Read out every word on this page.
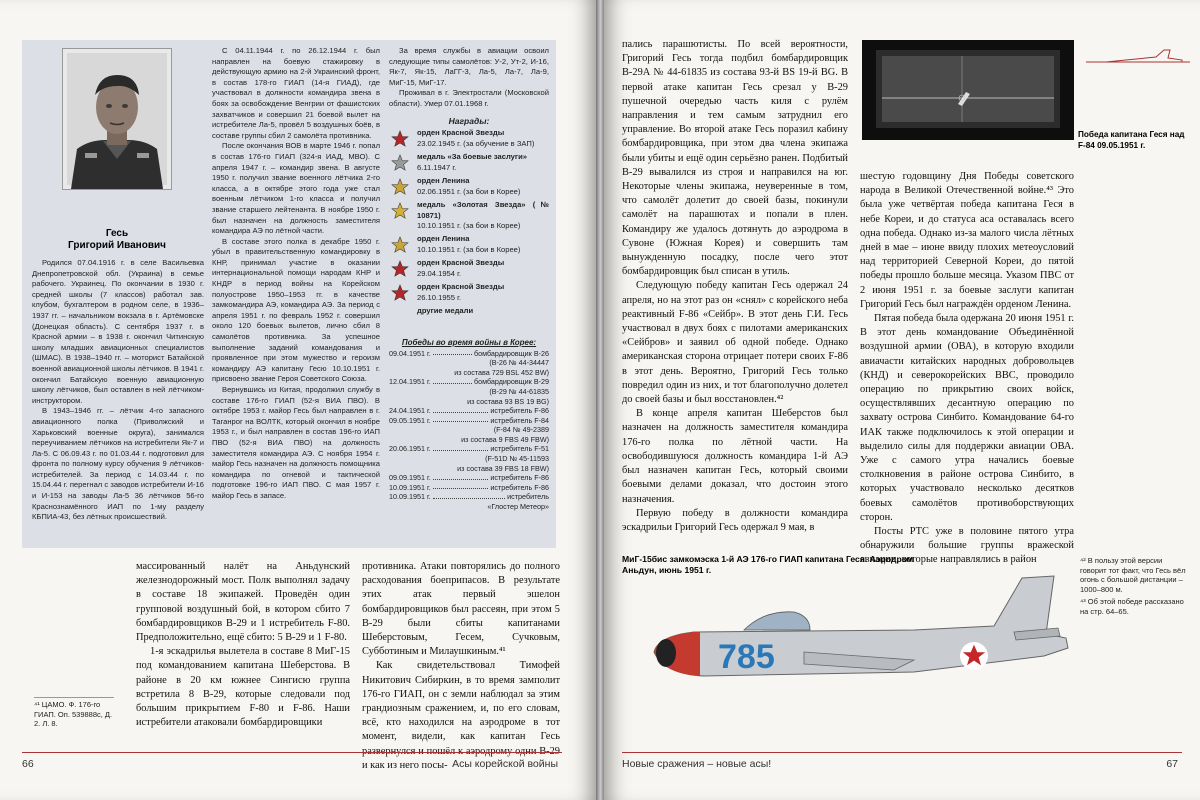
Гесь
Григорий Иванович

Родился 07.04.1916 г. в селе Васильевка Днепропетровской обл. (Украина) в семье рабочего. Украинец. По окончании в 1930 г. средней школы (7 классов) работал зав. клубом, бухгалтером в родном селе, в 1936–1937 гг. – начальником вокзала в г. Артёмовске (Донецкая область). С сентября 1937 г. в Красной армии – в 1938 г. окончил Читинскую школу младших авиационных специалистов (ШМАС). В 1938–1940 гг. – моторист Батайской военной авиационной школы лётчиков. В 1941 г. окончил Батайскую военную авиационную школу лётчиков, был оставлен в ней лётчиком-инструктором.

В 1943–1946 гг. – лётчик 4-го запасного авиационного полка (Приволжский и Харьковский военные округа), занимался переучиванием лётчиков на истребители Як-7 и Ла-5. С 06.09.43 г. по 01.03.44 г. подготовил для фронта по полному курсу обучения 9 лётчиков-истребителей. За период с 14.03.44 г. по 15.04.44 г. перегнал с заводов истребители И-16 и И-153 на заводы Ла-5 36 лётчиков 56-го Краснознамённого ИАП по 1-му разделу КБПИА-43, без лётных происшествий.

С 04.11.1944 г. по 26.12.1944 г. был направлен на боевую стажировку в действующую армию на 2-й Украинский фронт, в состав 178-го ГИАП (14-я ГИАД), где участвовал в должности командира звена в боях за освобождение Венгрии от фашистских захватчиков и совершил 21 боевой вылет на истребителе Ла-5, провёл 5 воздушных боёв, в составе группы сбил 2 самолёта противника.

После окончания ВОВ в марте 1946 г. попал в состав 176-го ГИАП (324-я ИАД, МВО). С апреля 1947 г. – командир звена. В августе 1950 г. получил звание военного лётчика 2-го класса, а в октябре этого года уже стал военным лётчиком 1-го класса и получил звание старшего лейтенанта. В ноябре 1950 г. был назначен на должность заместителя командира АЭ по лётной части.

В составе этого полка в декабре 1950 г. убыл в правительственную командировку в КНР, принимал участие в оказании интернациональной помощи народам КНР и КНДР в период войны на Корейском полуострове 1950–1953 гг. в качестве замкомандира АЭ, командира АЭ. За период с апреля 1951 г. по февраль 1952 г. совершил около 120 боевых вылетов, лично сбил 8 самолётов противника. За успешное выполнение заданий командования и проявленное при этом мужество и героизм командиру АЭ капитану Гесю 10.10.1951 г. присвоено звание Героя Советского Союза.

Вернувшись из Китая, продолжил службу в составе 176-го ГИАП (52-я ВИА ПВО). В октябре 1953 г. майор Гесь был направлен в г. Таганрог на ВОЛТК, который окончил в ноябре 1953 г., и был направлен в состав 196-го ИАП ПВО (52-я ВИА ПВО) на должность заместителя командира АЭ. С ноября 1954 г. майор Гесь назначен на должность помощника командира по огневой и тактической подготовке 196-го ИАП ПВО. С мая 1957 г. майор Гесь в запасе.

За время службы в авиации освоил следующие типы самолётов: У-2, Ут-2, И-16, Як-7, Як-15, ЛаГГ-3, Ла-5, Ла-7, Ла-9, МиГ-15, МиГ-17.

Проживал в г. Электростали (Московской области). Умер 07.01.1968 г.

Награды:
орден Красной Звезды
23.02.1945 г. (за обучение в ЗАП)
медаль «За боевые заслуги»
6.11.1947 г.
орден Ленина
02.06.1951 г. (за бои в Корее)
медаль «Золотая Звезда» (№ 10871)
10.10.1951 г. (за бои в Корее)
орден Ленина
10.10.1951 г. (за бои в Корее)
орден Красной Звезды
29.04.1954 г.
орден Красной Звезды
26.10.1955 г.
другие медали
Победы во время войны в Корее:
09.04.1951 г.	бомбардировщик В-26
(В-26 № 44-34447
из состава 729 BSL 452 BW)
12.04.1951 г.	бомбардировщик В-29
(В-29 № 44-61835
из состава 93 BS 19 BG)
24.04.1951 г.	истребитель F-86
09.05.1951 г.	истребитель F-84
(F-84 № 49-2389
из состава 9 FBS 49 FBW)
20.06.1951 г.	истребитель F-51
(F-51D № 45-11593
из состава 39 FBS 18 FBW)
09.09.1951 г.	истребитель F-86
10.09.1951 г.	истребитель F-86
10.09.1951 г.	истребитель
«Глостер Метеор»

массированный налёт на Аньдунский железнодорожный мост. Полк выполнял задачу в составе 18 экипажей. Проведён один групповой воздушный бой, в котором сбито 7 бомбардировщиков В-29 и 1 истребитель F-80. Предположительно, ещё сбито: 5 В-29 и 1 F-80.

1-я эскадрилья вылетела в составе 8 МиГ-15 под командованием капитана Шеберстова. В районе в 20 км южнее Сингисю группа встретила 8 В-29, которые следовали под большим прикрытием F-80 и F-86. Наши истребители атаковали бомбардировщики

противника. Атаки повторялись до полного расходования боеприпасов. В результате этих атак первый эшелон бомбардировщиков был рассеян, при этом 5 В-29 были сбиты капитанами Шеберстовым, Гесем, Сучковым, Субботиным и Милаушкиным.⁴¹

Как свидетельствовал Тимофей Никитович Сибиркин, в то время замполит 176-го ГИАП, он с земли наблюдал за этим грандиозным сражением, и, по его словам, всё, кто находился на аэродроме в тот момент, видели, как капитан Гесь и как из него посы-

⁴¹ ЦАМО. Ф. 176-го ГИАП. Оп. 539888с, Д. 2. Л. 8.
66	Асы корейской войны

пались парашютисты. По всей вероятности, Григорий Гесь тогда подбил бомбардировщик В-29А № 44-61835 из состава 93-й BS 19-й BG. В первой атаке капитан Гесь срезал у В-29 пушечной очередью часть киля с рулём направления и тем самым затруднил его управление. Во второй атаке Гесь поразил кабину бомбардировщика, при этом два члена экипажа были убиты и ещё один серьёзно ранен. Подбитый В-29 вывалился из строя и направился на юг. Некоторые члены экипажа, неуверенные в том, что самолёт долетит до своей базы, покинули самолёт на парашютах и попали в плен. Командиру же удалось дотянуть до аэродрома в Сувоне (Южная Корея) и совершить там вынужденную посадку, после чего этот бомбардировщик был списан в утиль.

Следующую победу капитан Гесь одержал 24 апреля, но на этот раз он «снял» с корейского неба реактивный F-86 «Сейбр». В этот день Г.И. Гесь участвовал в двух боях с пилотами американских «Сейбров» и заявил об одной победе. Однако американская сторона отрицает потери своих F-86 в этот день. Вероятно, Григорий Гесь только повредил один из них, и тот благополучно долетел до своей базы и был восстановлен.⁴²

В конце апреля капитан Шеберстов был назначен на должность заместителя командира 176-го полка по лётной части. На освободившуюся должность командира 1-й АЭ был назначен капитан Гесь, который своими боевыми делами доказал, что достоин этого назначения.

Первую победу в должности командира эскадрильи Григорий Гесь одержал 9 мая, в

Победа капитана Геся над F-84 09.05.1951 г.

шестую годовщину Дня Победы советского народа в Великой Отечественной войне.⁴³ Это была уже четвёртая победа капитана Геся в небе Кореи, и до статуса аса оставалась всего одна победа. Однако из-за малого числа лётных дней в мае – июне ввиду плохих метеоусловий над территорией Северной Кореи, до пятой победы прошло больше месяца. Указом ПВС от 2 июня 1951 г. за боевые заслуги капитан Григорий Гесь был награждён орденом Ленина.

Пятая победа была одержана 20 июня 1951 г. В этот день командование Объединённой воздушной армии (ОВА), в которую входили авиачасти китайских народных добровольцев (КНД) и северокорейских ВВС, проводило операцию по прикрытию своих войск, осуществлявших десантную операцию по захвату острова Синбито. Командование 64-го ИАК также подключилось к этой операции и выделило силы для поддержки авиации ОВА. Уже с самого утра начались боевые столкновения в районе острова Синбито, в которых участвовало несколько десятков боевых самолётов противоборствующих сторон.

Посты РТС уже в половине пятого утра обнаружили большие группы вражеской авиации, которые направлялись в район	⁴² В пользу этой версии говорит тот факт, что Гесь вёл огонь с большой дистанции – 1000–800 м.
⁴³ Об этой победе рассказано на стр. 64–65.
МиГ-15бис замкомэска 1-й АЭ 176-го ГИАП капитана Геся. Аэродром Аньдун, июнь 1951 г.
785
Новые сражения – новые асы!	67
